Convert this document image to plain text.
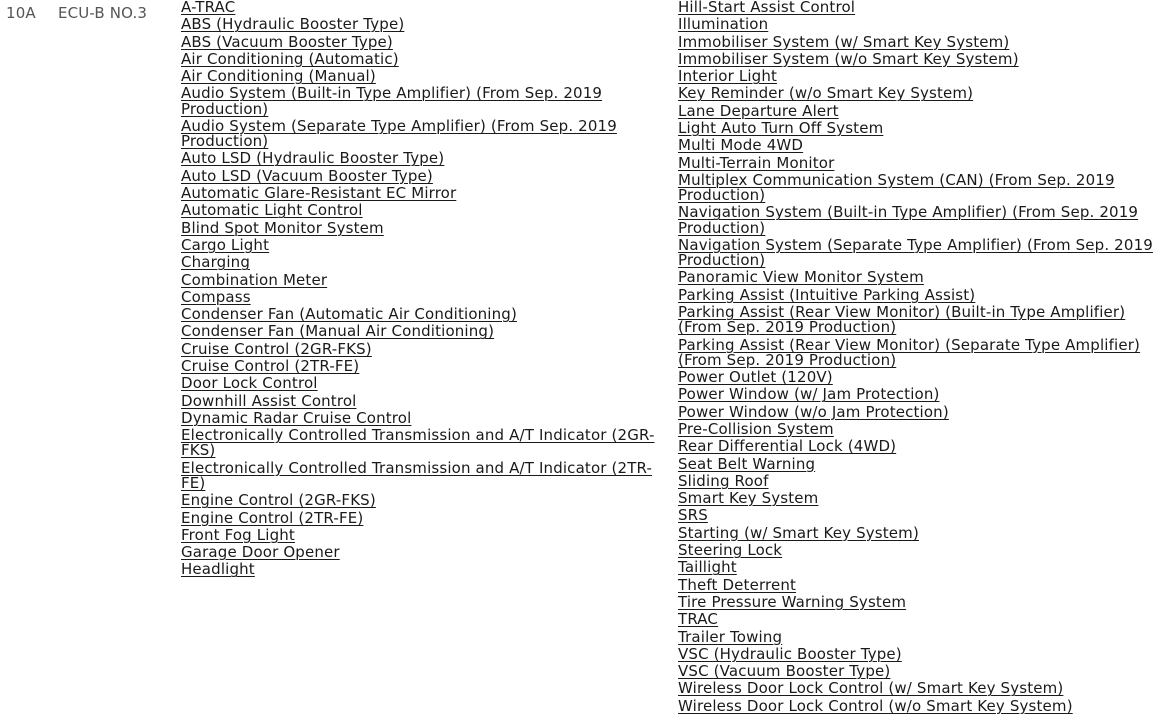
10A ECU-B NO.3 A-TRAC
ABS (Hydraulic Booster Type)
ABS (Vacuum Booster Type)
Air Conditioning (Automatic)
Air Conditioning (Manual)
Audio System (Built-in Type Amplifier) (From Sep. 2019 Production)
Audio System (Separate Type Amplifier) (From Sep. 2019 Production)
Auto LSD (Hydraulic Booster Type)
Auto LSD (Vacuum Booster Type)
Automatic Glare-Resistant EC Mirror
Automatic Light Control
Blind Spot Monitor System
Cargo Light
Charging
Combination Meter
Compass
Condenser Fan (Automatic Air Conditioning)
Condenser Fan (Manual Air Conditioning)
Cruise Control (2GR-FKS)
Cruise Control (2TR-FE)
Door Lock Control
Downhill Assist Control
Dynamic Radar Cruise Control
Electronically Controlled Transmission and A/T Indicator (2GR-FKS)
Electronically Controlled Transmission and A/T Indicator (2TR-FE)
Engine Control (2GR-FKS)
Engine Control (2TR-FE)
Front Fog Light
Garage Door Opener
Headlight
Hill-Start Assist Control
Illumination
Immobiliser System (w/ Smart Key System)
Immobiliser System (w/o Smart Key System)
Interior Light
Key Reminder (w/o Smart Key System)
Lane Departure Alert
Light Auto Turn Off System
Multi Mode 4WD
Multi-Terrain Monitor
Multiplex Communication System (CAN) (From Sep. 2019 Production)
Navigation System (Built-in Type Amplifier) (From Sep. 2019 Production)
Navigation System (Separate Type Amplifier) (From Sep. 2019 Production)
Panoramic View Monitor System
Parking Assist (Intuitive Parking Assist)
Parking Assist (Rear View Monitor) (Built-in Type Amplifier) (From Sep. 2019 Production)
Parking Assist (Rear View Monitor) (Separate Type Amplifier) (From Sep. 2019 Production)
Power Outlet (120V)
Power Window (w/ Jam Protection)
Power Window (w/o Jam Protection)
Pre-Collision System
Rear Differential Lock (4WD)
Seat Belt Warning
Sliding Roof
Smart Key System
SRS
Starting (w/ Smart Key System)
Steering Lock
Taillight
Theft Deterrent
Tire Pressure Warning System
TRAC
Trailer Towing
VSC (Hydraulic Booster Type)
VSC (Vacuum Booster Type)
Wireless Door Lock Control (w/ Smart Key System)
Wireless Door Lock Control (w/o Smart Key System)
